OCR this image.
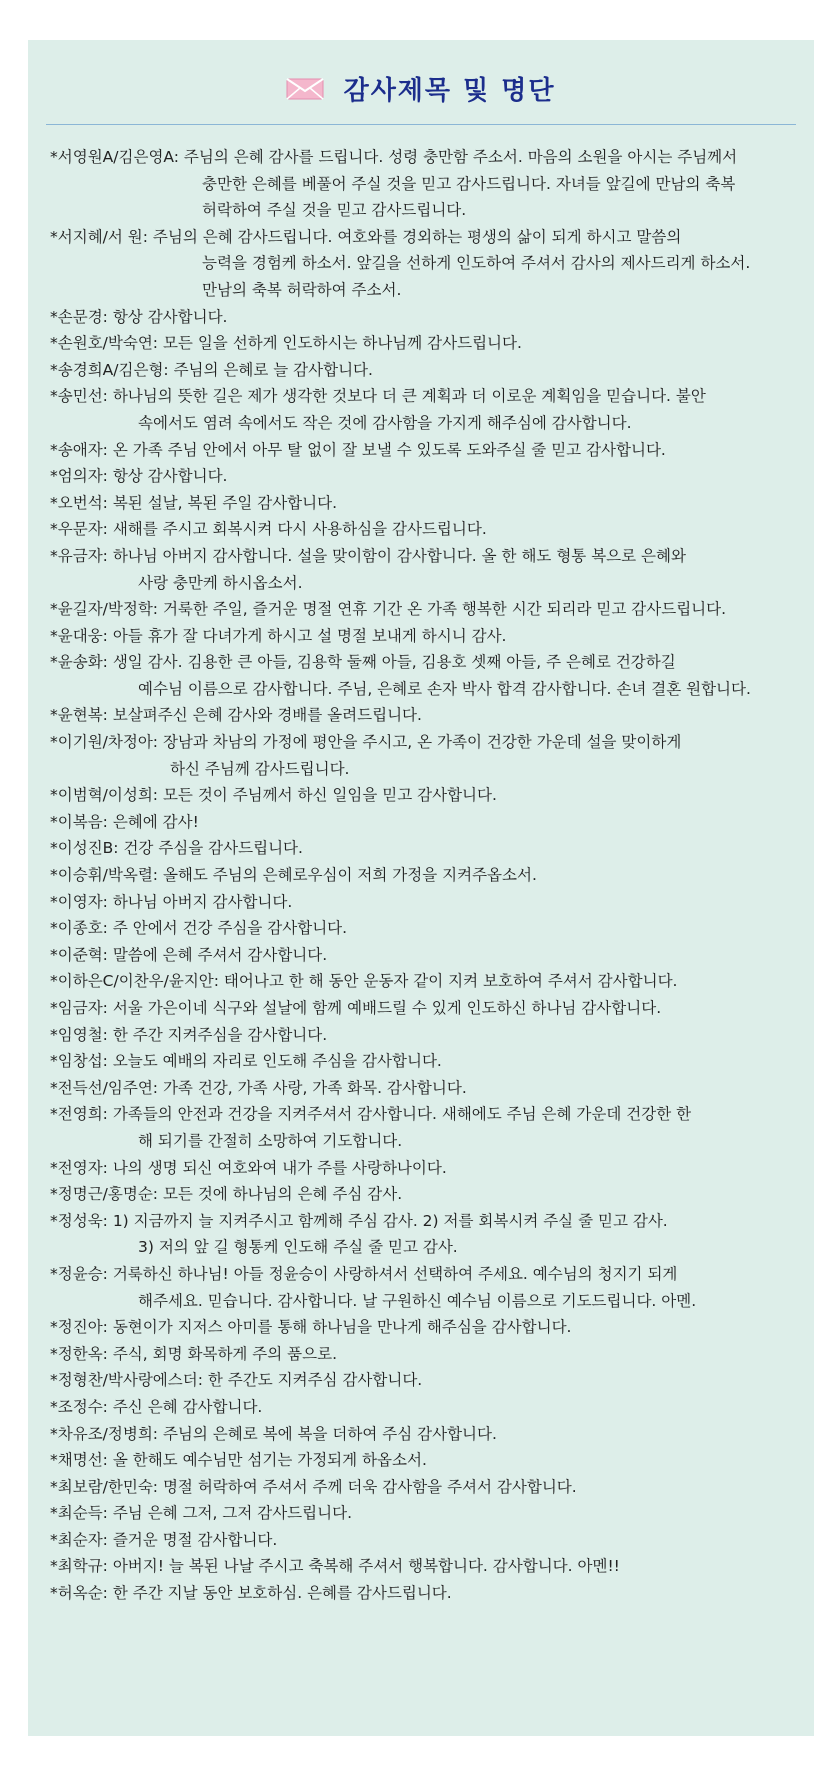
감사제목 및 명단
*서영원A/김은영A: 주님의 은혜 감사를 드립니다. 성령 충만함 주소서. 마음의 소원을 아시는 주님께서
충만한 은혜를 베풀어 주실 것을 믿고 감사드립니다. 자녀들 앞길에 만남의 축복
허락하여 주실 것을 믿고 감사드립니다.
*서지혜/서 원: 주님의 은혜 감사드립니다. 여호와를 경외하는 평생의 삶이 되게 하시고 말씀의
능력을 경험케 하소서. 앞길을 선하게 인도하여 주셔서 감사의 제사드리게 하소서.
만남의 축복 허락하여 주소서.
*손문경: 항상 감사합니다.
*손원호/박숙연: 모든 일을 선하게 인도하시는 하나님께 감사드립니다.
*송경희A/김은형: 주님의 은혜로 늘 감사합니다.
*송민선: 하나님의 뜻한 길은 제가 생각한 것보다 더 큰 계획과 더 이로운 계획임을 믿습니다. 불안
속에서도 염려 속에서도 작은 것에 감사함을 가지게 해주심에 감사합니다.
*송애자: 온 가족 주님 안에서 아무 탈 없이 잘 보낼 수 있도록 도와주실 줄 믿고 감사합니다.
*엄의자: 항상 감사합니다.
*오번석: 복된 설날, 복된 주일 감사합니다.
*우문자: 새해를 주시고 회복시켜 다시 사용하심을 감사드립니다.
*유금자: 하나님 아버지 감사합니다. 설을 맞이함이 감사합니다. 올 한 해도 형통 복으로 은혜와
사랑 충만케 하시옵소서.
*윤길자/박정학: 거룩한 주일, 즐거운 명절 연휴 기간 온 가족 행복한 시간 되리라 믿고 감사드립니다.
*윤대웅: 아들 휴가 잘 다녀가게 하시고 설 명절 보내게 하시니 감사.
*윤송화: 생일 감사. 김용한 큰 아들, 김용학 둘째 아들, 김용호 셋째 아들, 주 은혜로 건강하길
예수님 이름으로 감사합니다. 주님, 은혜로 손자 박사 합격 감사합니다. 손녀 결혼 원합니다.
*윤현복: 보살펴주신 은혜 감사와 경배를 올려드립니다.
*이기원/차정아: 장남과 차남의 가정에 평안을 주시고, 온 가족이 건강한 가운데 설을 맞이하게
하신 주님께 감사드립니다.
*이범혁/이성희: 모든 것이 주님께서 하신 일임을 믿고 감사합니다.
*이복음: 은혜에 감사!
*이성진B: 건강 주심을 감사드립니다.
*이승휘/박옥렬: 올해도 주님의 은혜로우심이 저희 가정을 지켜주옵소서.
*이영자: 하나님 아버지 감사합니다.
*이종호: 주 안에서 건강 주심을 감사합니다.
*이준혁: 말씀에 은혜 주셔서 감사합니다.
*이하은C/이찬우/윤지안: 태어나고 한 해 동안 운동자 같이 지켜 보호하여 주셔서 감사합니다.
*임금자: 서울 가은이네 식구와 설날에 함께 예배드릴 수 있게 인도하신 하나님 감사합니다.
*임영철: 한 주간 지켜주심을 감사합니다.
*임창섭: 오늘도 예배의 자리로 인도해 주심을 감사합니다.
*전득선/임주연: 가족 건강, 가족 사랑, 가족 화목. 감사합니다.
*전영희: 가족들의 안전과 건강을 지켜주셔서 감사합니다. 새해에도 주님 은혜 가운데 건강한 한
해 되기를 간절히 소망하여 기도합니다.
*전영자: 나의 생명 되신 여호와여 내가 주를 사랑하나이다.
*정명근/홍명순: 모든 것에 하나님의 은혜 주심 감사.
*정성욱: 1) 지금까지 늘 지켜주시고 함께해 주심 감사. 2) 저를 회복시켜 주실 줄 믿고 감사.
3) 저의 앞 길 형통케 인도해 주실 줄 믿고 감사.
*정윤승: 거룩하신 하나님! 아들 정윤승이 사랑하셔서 선택하여 주세요. 예수님의 청지기 되게
해주세요. 믿습니다. 감사합니다. 날 구원하신 예수님 이름으로 기도드립니다. 아멘.
*정진아: 동현이가 지저스 아미를 통해 하나님을 만나게 해주심을 감사합니다.
*정한옥: 주식, 회명 화목하게 주의 품으로.
*정형찬/박사랑에스더: 한 주간도 지켜주심 감사합니다.
*조정수: 주신 은혜 감사합니다.
*차유조/정병희: 주님의 은혜로 복에 복을 더하여 주심 감사합니다.
*채명선: 올 한해도 예수님만 섬기는 가정되게 하옵소서.
*최보람/한민숙: 명절 허락하여 주셔서 주께 더욱 감사함을 주셔서 감사합니다.
*최순득: 주님 은혜 그저, 그저 감사드립니다.
*최순자: 즐거운 명절 감사합니다.
*최학규: 아버지! 늘 복된 나날 주시고 축복해 주셔서 행복합니다. 감사합니다. 아멘!!
*허옥순: 한 주간 지날 동안 보호하심. 은혜를 감사드립니다.
